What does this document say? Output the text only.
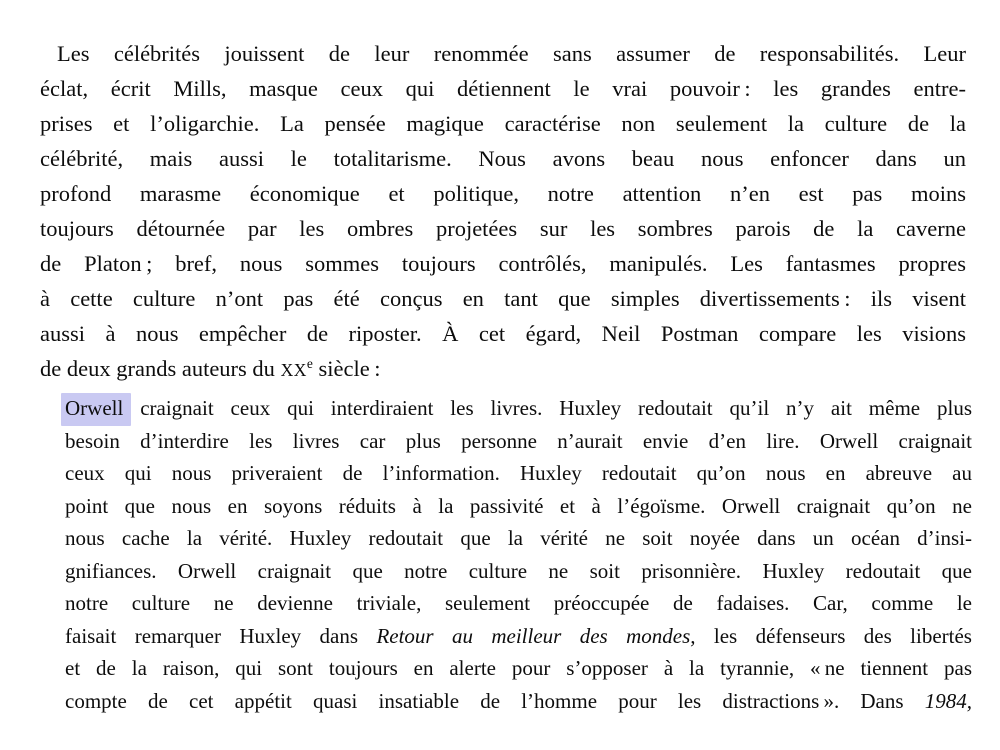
Les célébrités jouissent de leur renommée sans assumer de responsabilités. Leur
éclat, écrit Mills, masque ceux qui détiennent le vrai pouvoir : les grandes entre-
prises et l’oligarchie. La pensée magique caractérise non seulement la culture de la
célébrité, mais aussi le totalitarisme. Nous avons beau nous enfoncer dans un
profond marasme économique et politique, notre attention n’en est pas moins
toujours détournée par les ombres projetées sur les sombres parois de la caverne
de Platon ; bref, nous sommes toujours contrôlés, manipulés. Les fantasmes propres
à cette culture n’ont pas été conçus en tant que simples divertissements : ils visent
aussi à nous empêcher de riposter. À cet égard, Neil Postman compare les visions
de deux grands auteurs du XXe siècle :
Orwell craignait ceux qui interdiraient les livres. Huxley redoutait qu’il n’y ait même plus
besoin d’interdire les livres car plus personne n’aurait envie d’en lire. Orwell craignait
ceux qui nous priveraient de l’information. Huxley redoutait qu’on nous en abreuve au
point que nous en soyons réduits à la passivité et à l’égoïsme. Orwell craignait qu’on ne
nous cache la vérité. Huxley redoutait que la vérité ne soit noyée dans un océan d’insi-
gnifiances. Orwell craignait que notre culture ne soit prisonnière. Huxley redoutait que
notre culture ne devienne triviale, seulement préoccupée de fadaises. Car, comme le
faisait remarquer Huxley dans Retour au meilleur des mondes, les défenseurs des libertés
et de la raison, qui sont toujours en alerte pour s’opposer à la tyrannie, « ne tiennent pas
compte de cet appétit quasi insatiable de l’homme pour les distractions ». Dans 1984,
